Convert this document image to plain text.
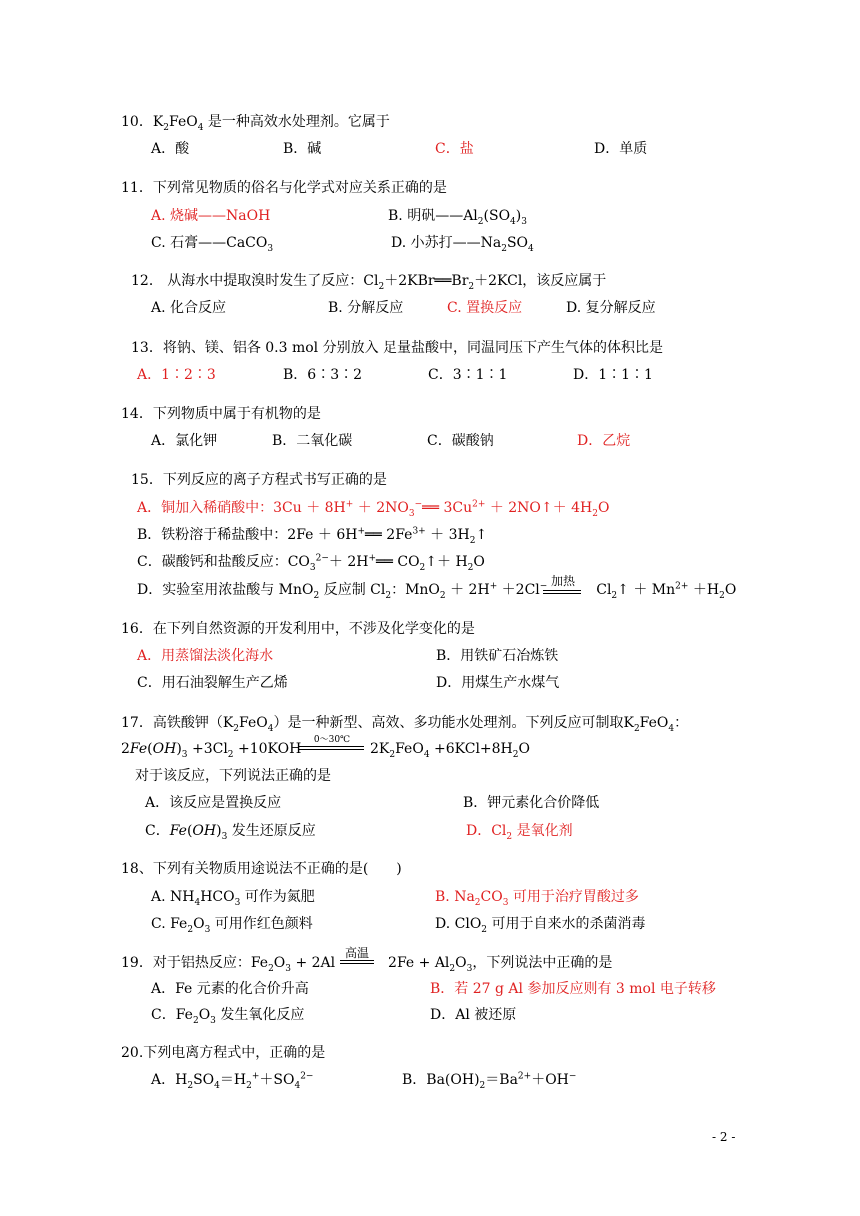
10．$K_2FeO_4$ 是一种高效水处理剂。它属于
A．酸	B．碱	C．盐	D．单质
11．下列常见物质的俗名与化学式对应关系正确的是
A. 烧碱——NaOH	B. 明矾$——Al_2(SO_4)_3$
C. 石膏——CaCO$_3$	D. 小苏打$——Na_2SO_4$
12． 从海水中提取溴时发生了反应：$Cl_2+2KBr══Br_2+2KCl$，该反应属于
A. 化合反应	B. 分解反应	C. 置换反应	D. 复分解反应
13．将钠、镁、铝各 0.3 mol 分别放入 足量盐酸中，同温同压下产生气体的体积比是
A．1∶2∶3	B．6∶3∶2	C．3∶1∶1	D．1∶1∶1
14．下列物质中属于有机物的是
A．氯化钾	B．二氧化碳	C．碳酸钠	D．乙烷
15．下列反应的离子方程式书写正确的是
A．铜加入稀硝酸中：$3Cu + 8H^+ + 2NO_3^-══$ $3Cu^{2+}$ ＋ 2NO↑＋ $4H_2O$
B．铁粉溶于稀盐酸中：2Fe ＋ 6H+══ $2Fe^{3+}$ ＋ $3H_2↑$
C．碳酸钙和盐酸反应：$CO_3^{2-}+$ 2H+══ $CO_2↑+ H_2O$
D．实验室用浓盐酸与 MnO$_2$ 反应制 $Cl_2$：MnO$_2$ ＋ 2H+ ＋2Cl−	$Cl_2↑ + Mn^{2+} +H_2O$
加热
16．在下列自然资源的开发利用中，不涉及化学变化的是
A．用蒸馏法淡化海水	B．用铁矿石冶炼铁
C．用石油裂解生产乙烯	D．用煤生产水煤气
17．高铁酸钾$(K_2FeO_4)$是一种新型、高效、多功能水处理剂。下列反应可制取$K_2FeO_4$：
$2Fe(OH)_3 +3Cl_2 +10KOH$
0～30℃
$2K_2FeO_4 +6KCl+8H_2O$
对于该反应，下列说法正确的是
A．该反应是置换反应	B．钾元素化合价降低
C．$Fe(OH)_3$ 发生还原反应	D．$Cl_2$ 是氧化剂
18、下列有关物质用途说法不正确的是(　　)
A. $NH_4HCO_3$ 可作为氮肥	B. $Na_2CO_3$ 可用于治疗胃酸过多
C. $Fe_2O_3$ 可用作红色颜料	D. ClO$_2$ 可用于自来水的杀菌消毒
19．对于铝热反应：$Fe_2O_3 + 2Al$	$2Fe + Al_2O_3$，下列说法中正确的是
高温
A．Fe 元素的化合价升高	B．若 27 g Al 参加反应则有 3 mol 电子转移
C．$Fe_2O_3$ 发生氧化反应	D．Al 被还原
20.下列电离方程式中，正确的是
A．$H_2SO_4=H_2^++SO_4^{2-}$	B．$Ba(OH)_2=Ba^{2+}+OH^-$
- 2 -
